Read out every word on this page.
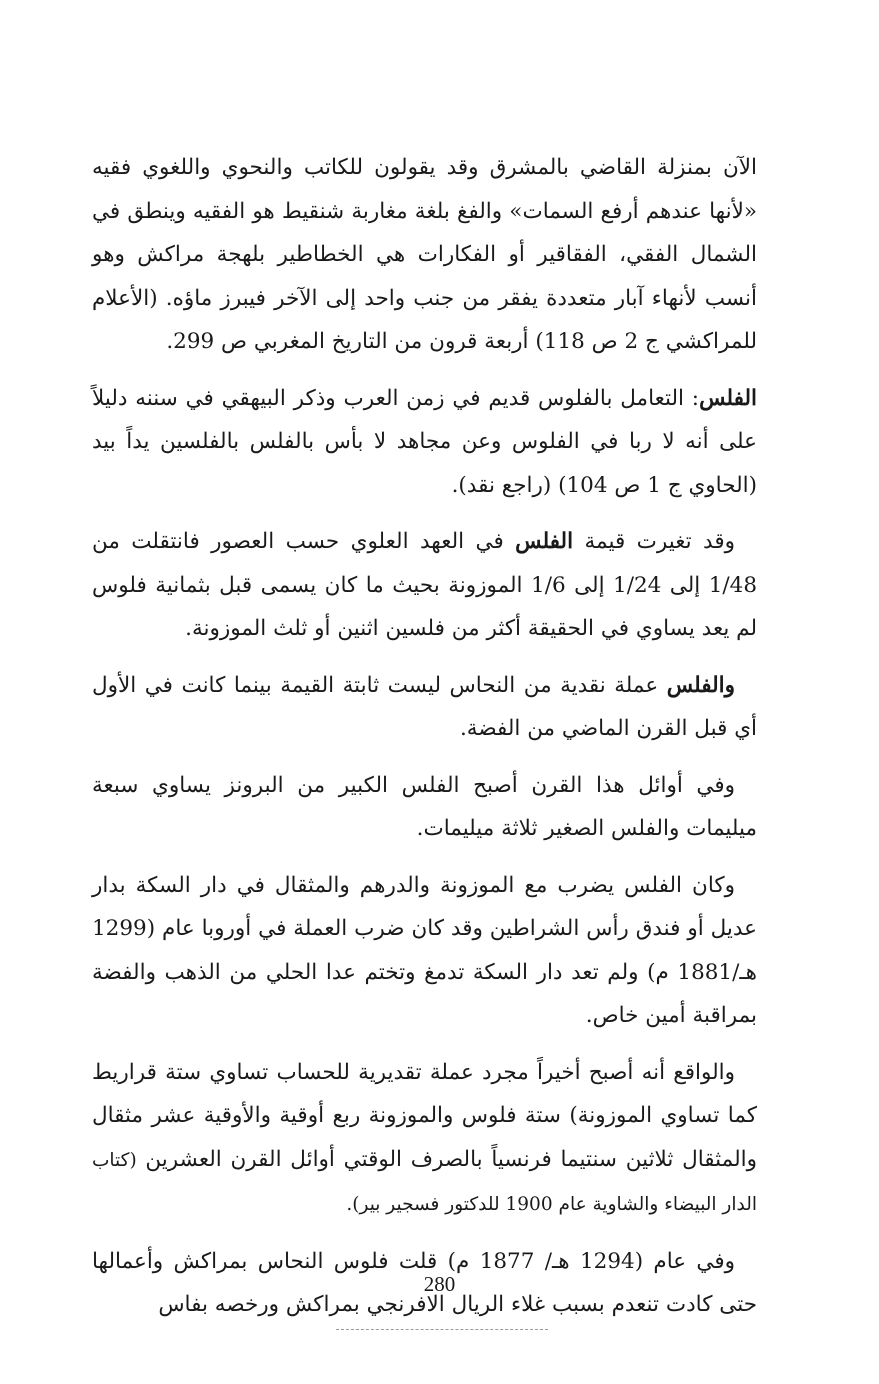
الآن بمنزلة القاضي بالمشرق وقد يقولون للكاتب والنحوي واللغوي فقيه «لأنها عندهم أرفع السمات» والفغ بلغة مغاربة شنقيط هو الفقيه وينطق في الشمال الفقي، الفقاقير أو الفكارات هي الخطاطير بلهجة مراكش وهو أنسب لأنهاء آبار متعددة يفقر من جنب واحد إلى الآخر فيبرز ماؤه. (الأعلام للمراكشي ج 2 ص 118) أربعة قرون من التاريخ المغربي ص 299.

الفلس: التعامل بالفلوس قديم في زمن العرب وذكر البيهقي في سننه دليلاً على أنه لا ربا في الفلوس وعن مجاهد لا بأس بالفلس بالفلسين يداً بيد (الحاوي ج 1 ص 104) (راجع نقد).

وقد تغيرت قيمة الفلس في العهد العلوي حسب العصور فانتقلت من 1/48 إلى 1/24 إلى 1/6 الموزونة بحيث ما كان يسمى قبل بثمانية فلوس لم يعد يساوي في الحقيقة أكثر من فلسين اثنين أو ثلث الموزونة.

والفلس عملة نقدية من النحاس ليست ثابتة القيمة بينما كانت في الأول أي قبل القرن الماضي من الفضة.

وفي أوائل هذا القرن أصبح الفلس الكبير من البرونز يساوي سبعة ميليمات والفلس الصغير ثلاثة ميليمات.

وكان الفلس يضرب مع الموزونة والدرهم والمثقال في دار السكة بدار عديل أو فندق رأس الشراطين وقد كان ضرب العملة في أوروبا عام (1299 هـ/1881 م) ولم تعد دار السكة تدمغ وتختم عدا الحلي من الذهب والفضة بمراقبة أمين خاص.

والواقع أنه أصبح أخيراً مجرد عملة تقديرية للحساب تساوي ستة قراريط كما تساوي الموزونة) ستة فلوس والموزونة ربع أوقية والأوقية عشر مثقال والمثقال ثلاثين سنتيما فرنسياً بالصرف الوقتي أوائل القرن العشرين (كتاب الدار البيضاء والشاوية عام 1900 للدكتور فسجير بير).

وفي عام (1294 هـ/ 1877 م) قلت فلوس النحاس بمراكش وأعمالها حتى كادت تنعدم بسبب غلاء الريال الافرنجي بمراكش ورخصه بفاس

280
